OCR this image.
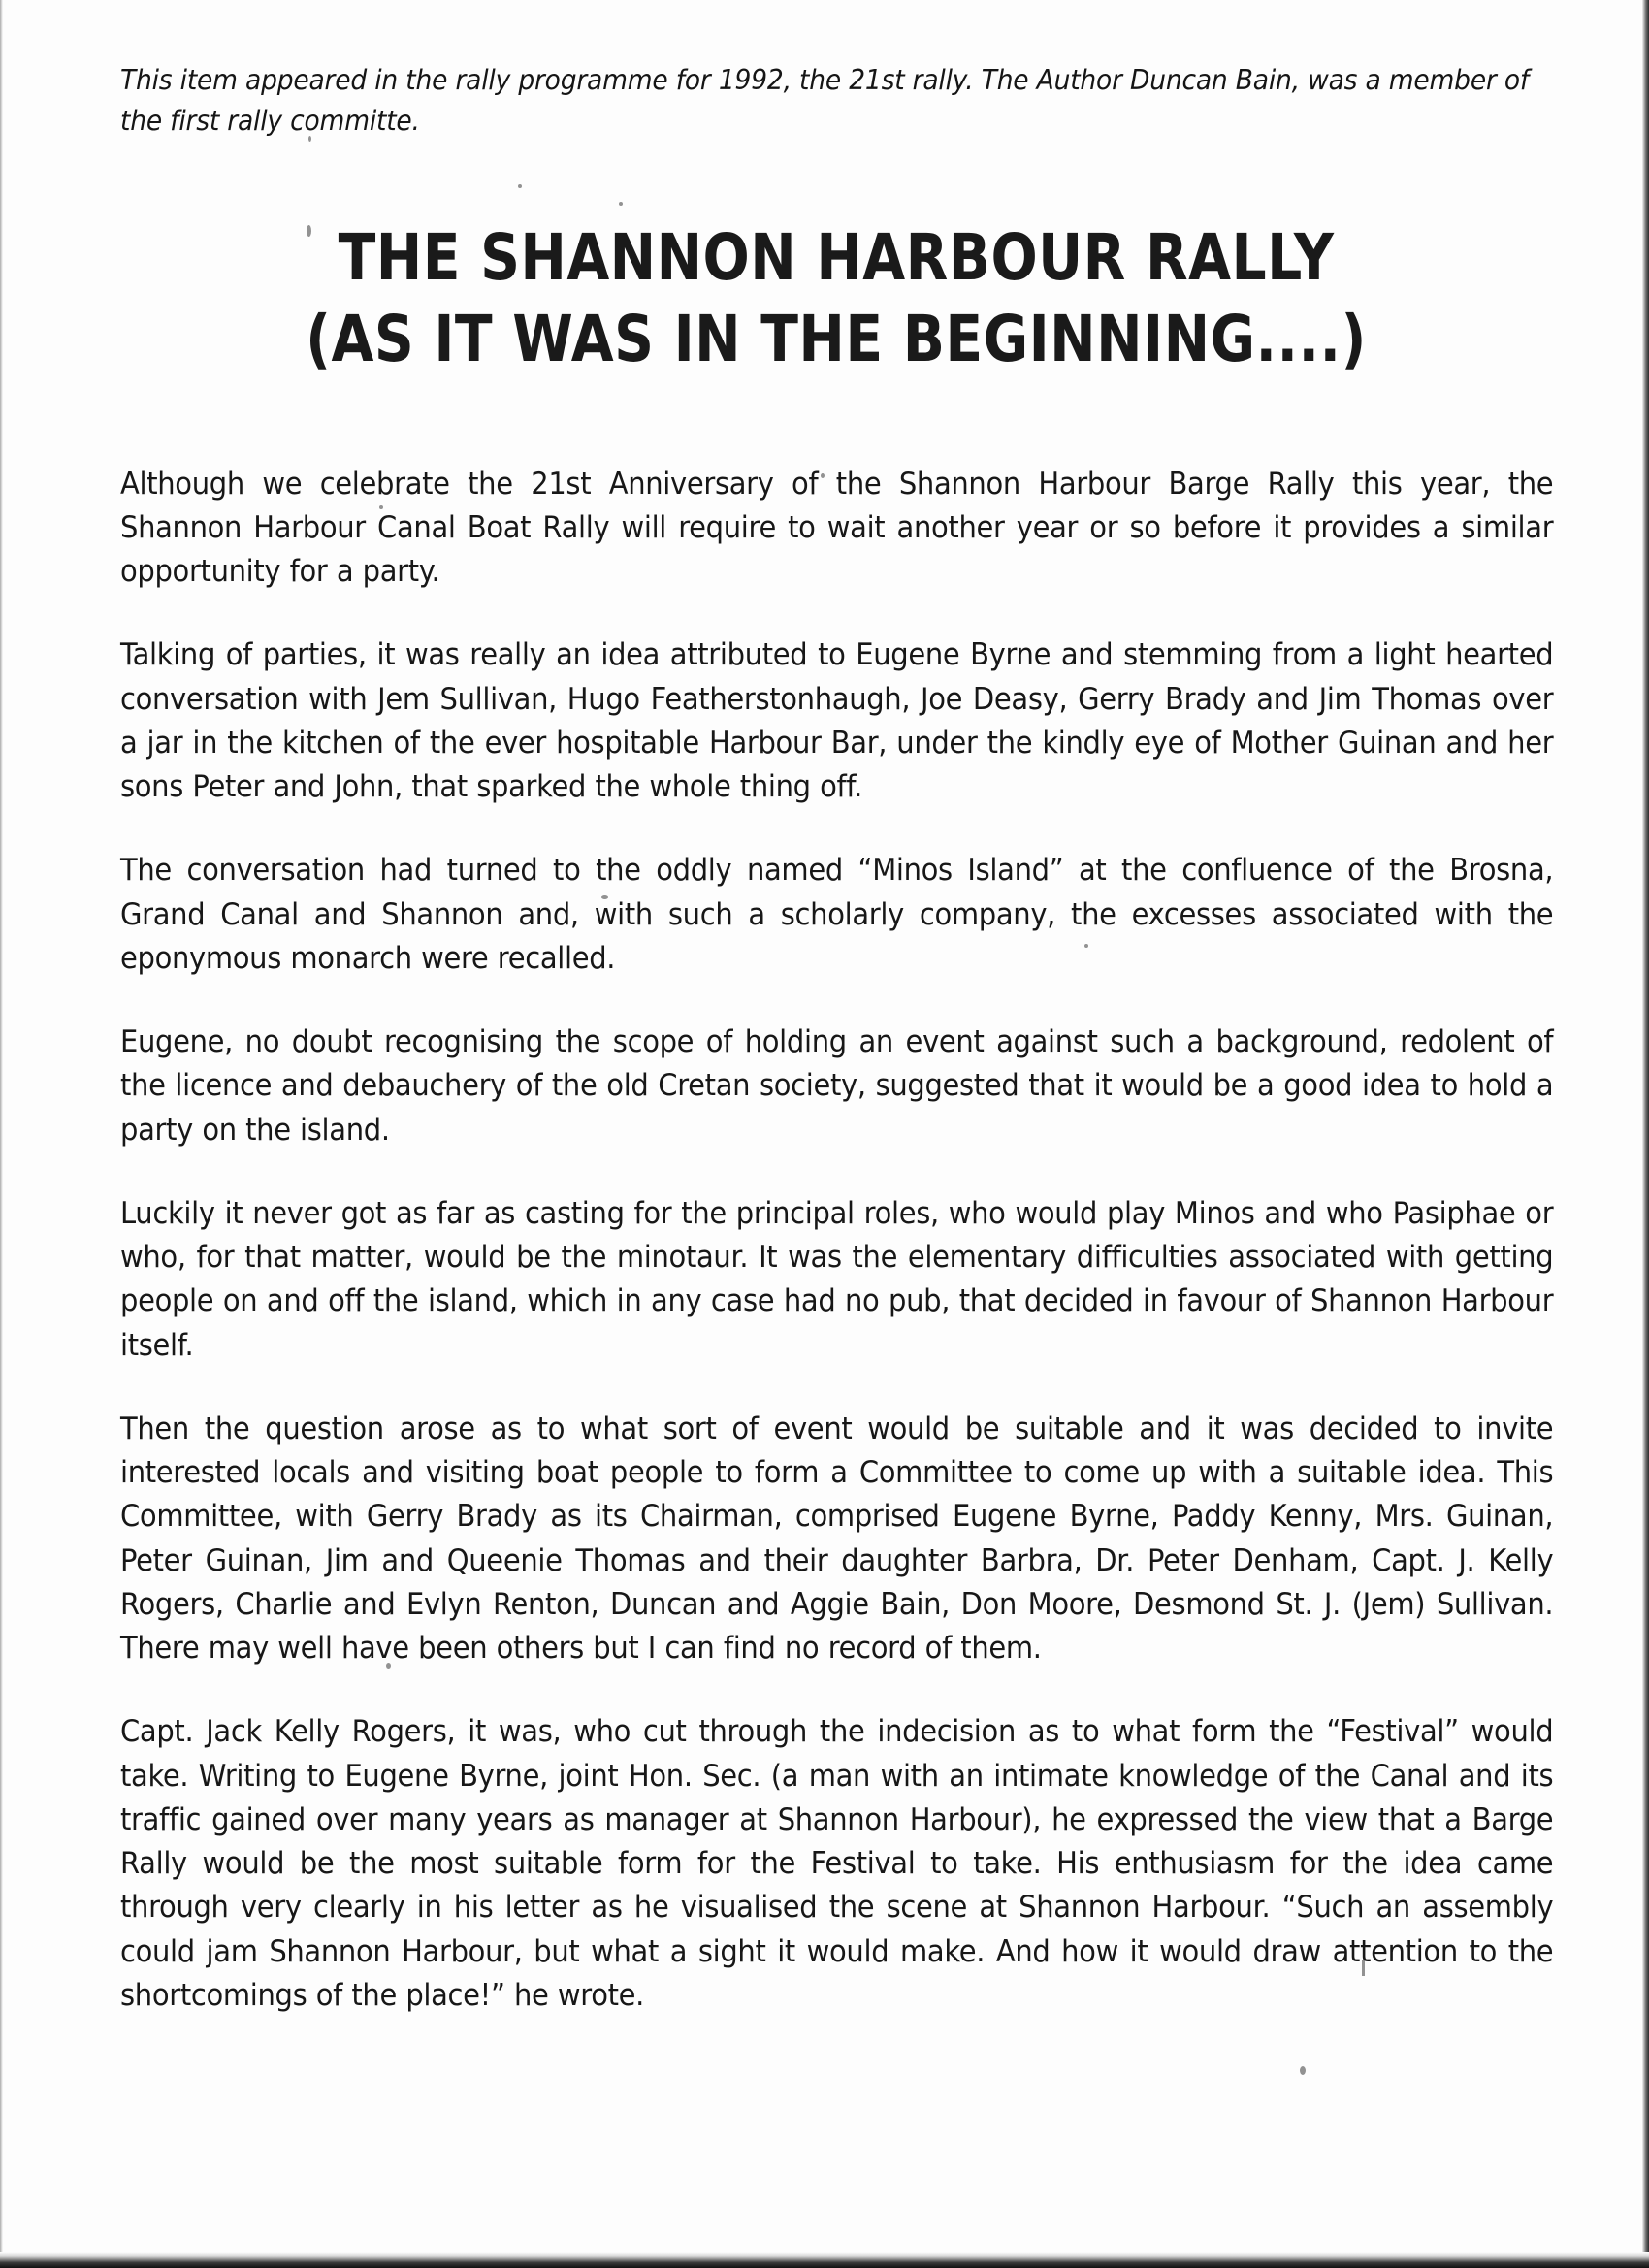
This item appeared in the rally programme for 1992, the 21st rally. The Author Duncan Bain, was a member of the first rally committe.
THE SHANNON HARBOUR RALLY
(AS IT WAS IN THE BEGINNING....)

Although we celebrate the 21st Anniversary of the Shannon Harbour Barge Rally this year, the Shannon Harbour Canal Boat Rally will require to wait another year or so before it provides a similar opportunity for a party.

Talking of parties, it was really an idea attributed to Eugene Byrne and stemming from a light hearted conversation with Jem Sullivan, Hugo Featherstonhaugh, Joe Deasy, Gerry Brady and Jim Thomas over a jar in the kitchen of the ever hospitable Harbour Bar, under the kindly eye of Mother Guinan and her sons Peter and John, that sparked the whole thing off.

The conversation had turned to the oddly named “Minos Island” at the confluence of the Brosna, Grand Canal and Shannon and, with such a scholarly company, the excesses associated with the eponymous monarch were recalled.

Eugene, no doubt recognising the scope of holding an event against such a background, redolent of the licence and debauchery of the old Cretan society, suggested that it would be a good idea to hold a party on the island.

Luckily it never got as far as casting for the principal roles, who would play Minos and who Pasiphae or who, for that matter, would be the minotaur. It was the elementary difficulties associated with getting people on and off the island, which in any case had no pub, that decided in favour of Shannon Harbour itself.

Then the question arose as to what sort of event would be suitable and it was decided to invite interested locals and visiting boat people to form a Committee to come up with a suitable idea. This Committee, with Gerry Brady as its Chairman, comprised Eugene Byrne, Paddy Kenny, Mrs. Guinan, Peter Guinan, Jim and Queenie Thomas and their daughter Barbra, Dr. Peter Denham, Capt. J. Kelly Rogers, Charlie and Evlyn Renton, Duncan and Aggie Bain, Don Moore, Desmond St. J. (Jem) Sullivan. There may well have been others but I can find no record of them.

Capt. Jack Kelly Rogers, it was, who cut through the indecision as to what form the “Festival” would take. Writing to Eugene Byrne, joint Hon. Sec. (a man with an intimate knowledge of the Canal and its traffic gained over many years as manager at Shannon Harbour), he expressed the view that a Barge Rally would be the most suitable form for the Festival to take. His enthusiasm for the idea came through very clearly in his letter as he visualised the scene at Shannon Harbour. “Such an assembly could jam Shannon Harbour, but what a sight it would make. And how it would draw attention to the shortcomings of the place!” he wrote.
